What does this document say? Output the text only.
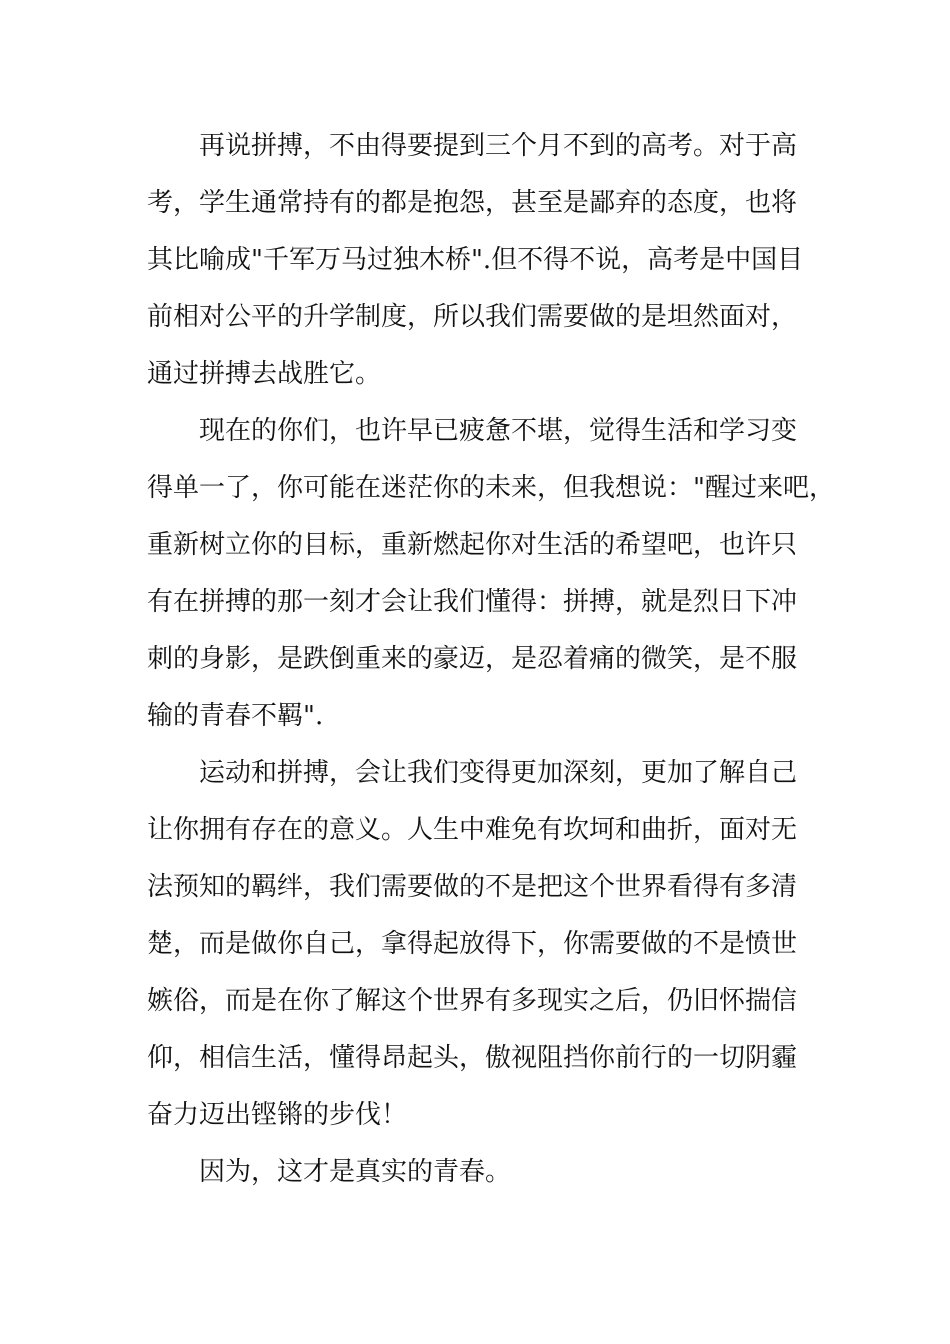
再说拼搏，不由得要提到三个月不到的高考。对于高
考，学生通常持有的都是抱怨，甚至是鄙弃的态度，也将
其比喻成"千军万马过独木桥".但不得不说，高考是中国目
前相对公平的升学制度，所以我们需要做的是坦然面对，
通过拼搏去战胜它。
现在的你们，也许早已疲惫不堪，觉得生活和学习变
得单一了，你可能在迷茫你的未来，但我想说："醒过来吧，
重新树立你的目标，重新燃起你对生活的希望吧，也许只
有在拼搏的那一刻才会让我们懂得：拼搏，就是烈日下冲
刺的身影，是跌倒重来的豪迈，是忍着痛的微笑，是不服
输的青春不羁".
运动和拼搏，会让我们变得更加深刻，更加了解自己
让你拥有存在的意义。人生中难免有坎坷和曲折，面对无
法预知的羁绊，我们需要做的不是把这个世界看得有多清
楚，而是做你自己，拿得起放得下，你需要做的不是愤世
嫉俗，而是在你了解这个世界有多现实之后，仍旧怀揣信
仰，相信生活，懂得昂起头，傲视阻挡你前行的一切阴霾
奋力迈出铿锵的步伐！
因为，这才是真实的青春。
